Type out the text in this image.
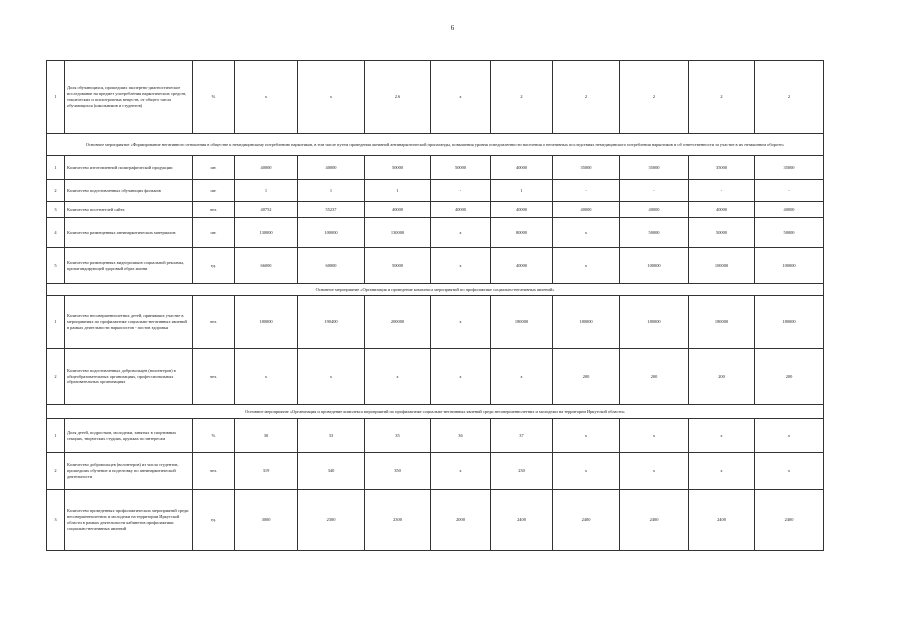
6
1	Доля обучающихся, прошедших экспертно-диагностическое исследование на предмет употребления наркотических средств, токсических и психотропных веществ, от общего числа обучающихся (школьников и студентов)	%	х	х	2.6	х	2	2	2	2	2
Основное мероприятие «Формирование негативного отношения в обществе к немедицинскому потреблению наркотиков, в том числе путем проведения активной антинаркотической пропаганды, повышения уровня осведомленности населения о негативных последствиях немедицинского потребления наркотиков и об ответственности за участие в их незаконном обороте»											
1	Количество изготовленной полиграфической продукции	шт.	40000	40000	50000	50000	40000	35000	35000	35000	35000
2	Количество подготовленных обучающих фильмов	шт.	1	1	1	-	1	-	-	-	-
3	Количество посетителей сайта	чел.	40752	55237	40000	40000	40000	40000	40000	40000	40000
4	Количество размещенных антинаркотических материалов	шт.	130000	100000	130000	х	80000	х	50000	50000	50000
5	Количество размещенных видеороликов социальной рекламы, пропагандирующей здоровый образ жизни	ед.	66000	60000	50000	х	40000	х	100000	100000	100000
Основное мероприятие «Организация и проведение комплекса мероприятий по профилактике социально-негативных явлений»											
1	Количество несовершеннолетних детей, принявших участие в мероприятиях по профилактике социально-негативных явлений в рамках деятельности наркопостов - постов здоровья	чел.	180000	190400	200000	х	180000	180000	180000	180000	180000
2	Количество подготовленных добровольцев (волонтеров) в общеобразовательных организациях, профессиональных образовательных организациях	чел.	х	х	х	х	х	200	200	200	200
Основное мероприятие «Организация и проведение комплекса мероприятий по профилактике социально-негативных явлений среди несовершеннолетних и молодежи на территории Иркутской области»											
1	Доля детей, подростков, молодежи, занятых в спортивных секциях, творческих студиях, кружках по интересам	%	30	33	35	36	37	х	х	х	х
2	Количество добровольцев (волонтеров) из числа студентов, прошедших обучение и подготовку по антинаркотической деятельности	чел.	319	340	350	х	230	х	х	х	х
3	Количество проведенных профилактических мероприятий среди несовершеннолетних и молодежи на территории Иркутской области в рамках деятельности кабинетов профилактики социально-негативных явлений	ед.	3000	2300	2300	2000	2400	2400	2400	2400	2400
